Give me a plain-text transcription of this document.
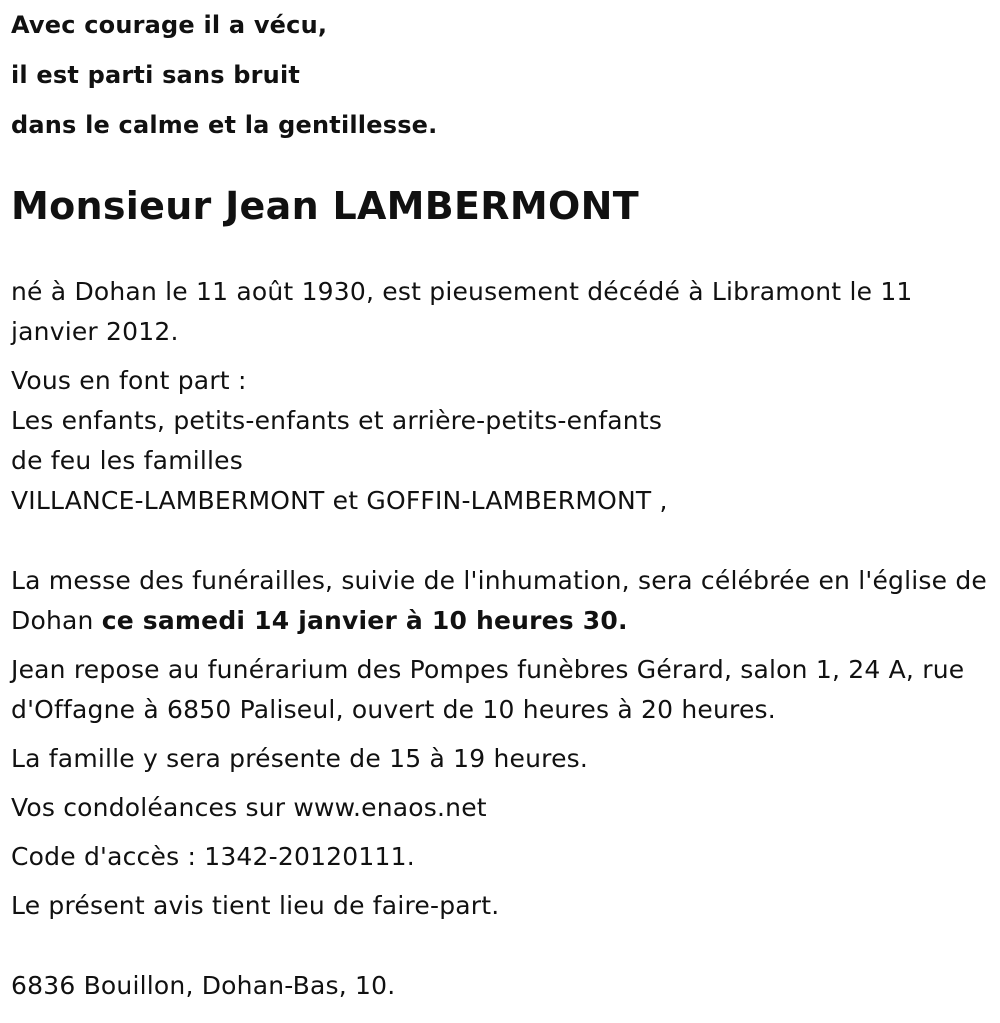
Avec courage il a vécu,
il est parti sans bruit
dans le calme et la gentillesse.

Monsieur Jean LAMBERMONT

né à Dohan le 11 août 1930, est pieusement décédé à Libramont le 11 janvier 2012.

Vous en font part :

Les enfants, petits-enfants et arrière-petits-enfants

de feu les familles

VILLANCE-LAMBERMONT et GOFFIN-LAMBERMONT ,

La messe des funérailles, suivie de l'inhumation, sera célébrée en l'église de Dohan ce samedi 14 janvier à 10 heures 30.

Jean repose au funérarium des Pompes funèbres Gérard, salon 1, 24 A, rue d'Offagne à 6850 Paliseul, ouvert de 10 heures à 20 heures.

La famille y sera présente de 15 à 19 heures.

Vos condoléances sur www.enaos.net

Code d'accès : 1342-20120111.

Le présent avis tient lieu de faire-part.

6836 Bouillon, Dohan-Bas, 10.
